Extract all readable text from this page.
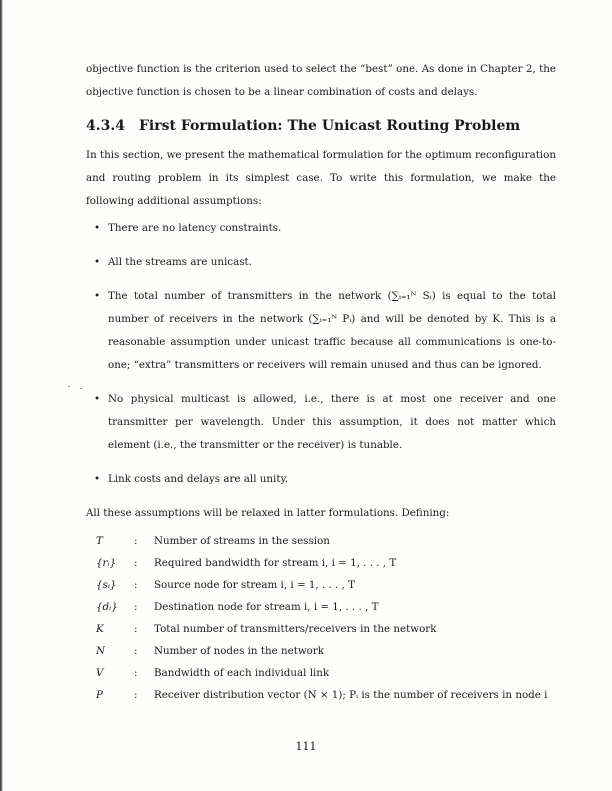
objective function is the criterion used to select the “best” one. As done in Chapter 2, the objective function is chosen to be a linear combination of costs and delays.

4.3.4 First Formulation: The Unicast Routing Problem

In this section, we present the mathematical formulation for the optimum reconfiguration and routing problem in its simplest case. To write this formulation, we make the following additional assumptions:

• There are no latency constraints.
• All the streams are unicast.
• The total number of transmitters in the network (∑ᵢ₌₁ᴺ Sᵢ) is equal to the total number of receivers in the network (∑ᵢ₌₁ᴺ Pᵢ) and will be denoted by K. This is a reasonable assumption under unicast traffic because all communications is one-to-one; “extra” transmitters or receivers will remain unused and thus can be ignored.
• No physical multicast is allowed, i.e., there is at most one receiver and one transmitter per wavelength. Under this assumption, it does not matter which element (i.e., the transmitter or the receiver) is tunable.
• Link costs and delays are all unity.

All these assumptions will be relaxed in latter formulations. Defining:

T	:	Number of streams in the session
{rᵢ}	:	Required bandwidth for stream i, i = 1, . . . , T
{sᵢ}	:	Source node for stream i, i = 1, . . . , T
{dᵢ}	:	Destination node for stream i, i = 1, . . . , T
K	:	Total number of transmitters/receivers in the network
N	:	Number of nodes in the network
V	:	Bandwidth of each individual link
P	:	Receiver distribution vector (N × 1); Pᵢ is the number of receivers in node i
111
